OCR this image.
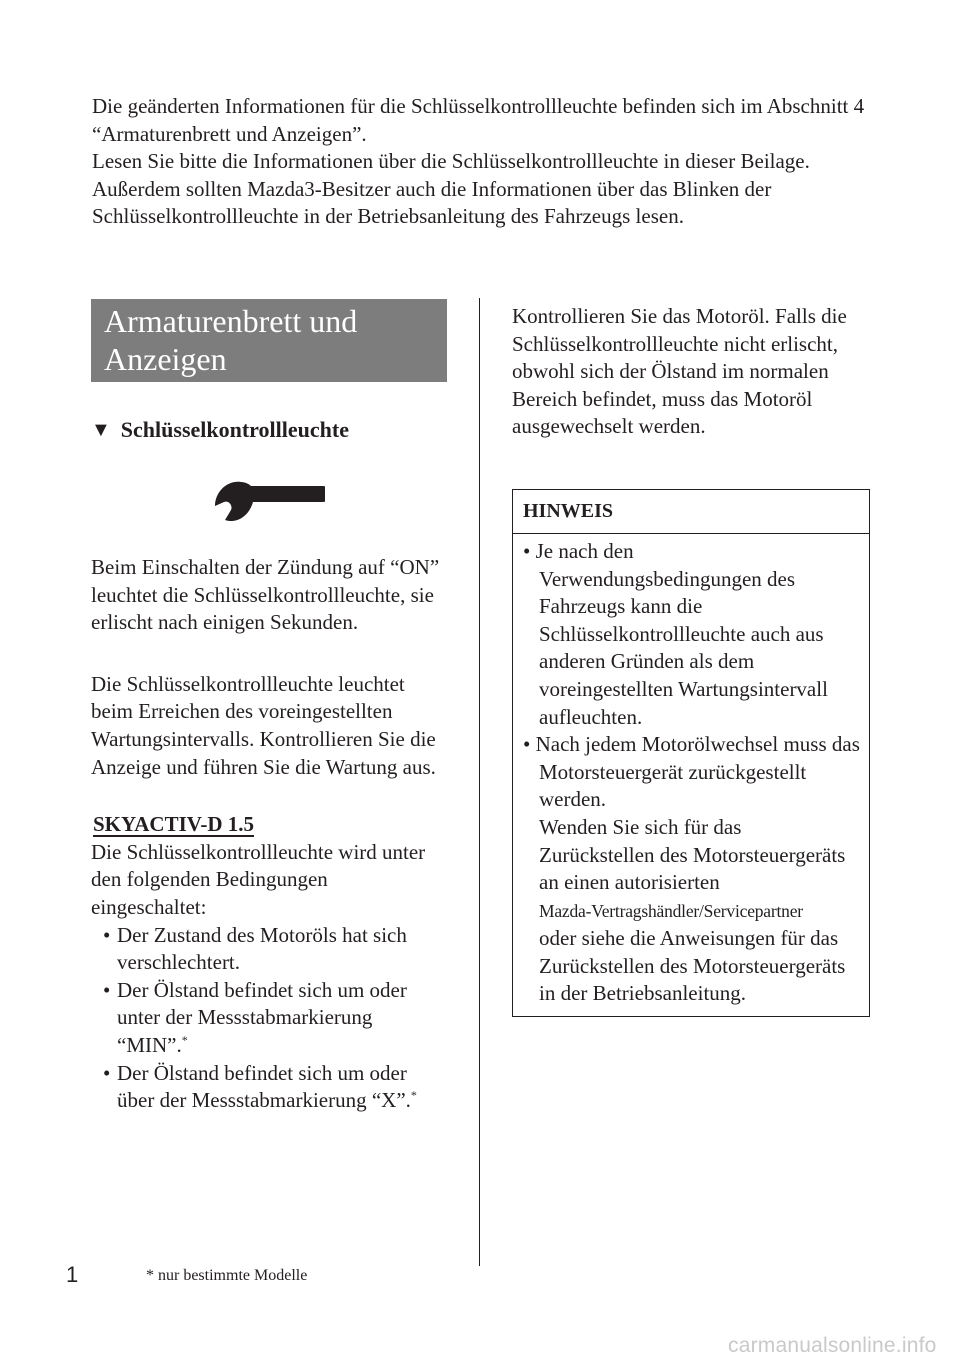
Die geänderten Informationen für die Schlüsselkontrollleuchte befinden sich im Abschnitt 4 “Armaturenbrett und Anzeigen”.

Lesen Sie bitte die Informationen über die Schlüsselkontrollleuchte in dieser Beilage.

Außerdem sollten Mazda3-Besitzer auch die Informationen über das Blinken der Schlüsselkontrollleuchte in der Betriebsanleitung des Fahrzeugs lesen.

Armaturenbrett und
Anzeigen
▼ Schlüsselkontrollleuchte

Beim Einschalten der Zündung auf “ON” leuchtet die Schlüsselkontrollleuchte, sie erlischt nach einigen Sekunden.

Die Schlüsselkontrollleuchte leuchtet beim Erreichen des voreingestellten Wartungsintervalls. Kontrollieren Sie die Anzeige und führen Sie die Wartung aus.

SKYACTIV-D 1.5

Die Schlüsselkontrollleuchte wird unter den folgenden Bedingungen eingeschaltet:

• Der Zustand des Motoröls hat sich verschlechtert.
• Der Ölstand befindet sich um oder unter der Messstabmarkierung “MIN”.*
• Der Ölstand befindet sich um oder über der Messstabmarkierung “X”.*

Kontrollieren Sie das Motoröl. Falls die Schlüsselkontrollleuchte nicht erlischt, obwohl sich der Ölstand im normalen Bereich befindet, muss das Motoröl ausgewechselt werden.

HINWEIS
• Je nach den Verwendungsbedingungen des Fahrzeugs kann die Schlüsselkontrollleuchte auch aus anderen Gründen als dem voreingestellten Wartungsintervall aufleuchten.
• Nach jedem Motorölwechsel muss das Motorsteuergerät zurückgestellt werden.
Wenden Sie sich für das Zurückstellen des Motorsteuergeräts an einen autorisierten
Mazda-Vertragshändler/Servicepartner
oder siehe die Anweisungen für das Zurückstellen des Motorsteuergeräts in der Betriebsanleitung.
1	* nur bestimmte Modelle
carmanualsonline.info
